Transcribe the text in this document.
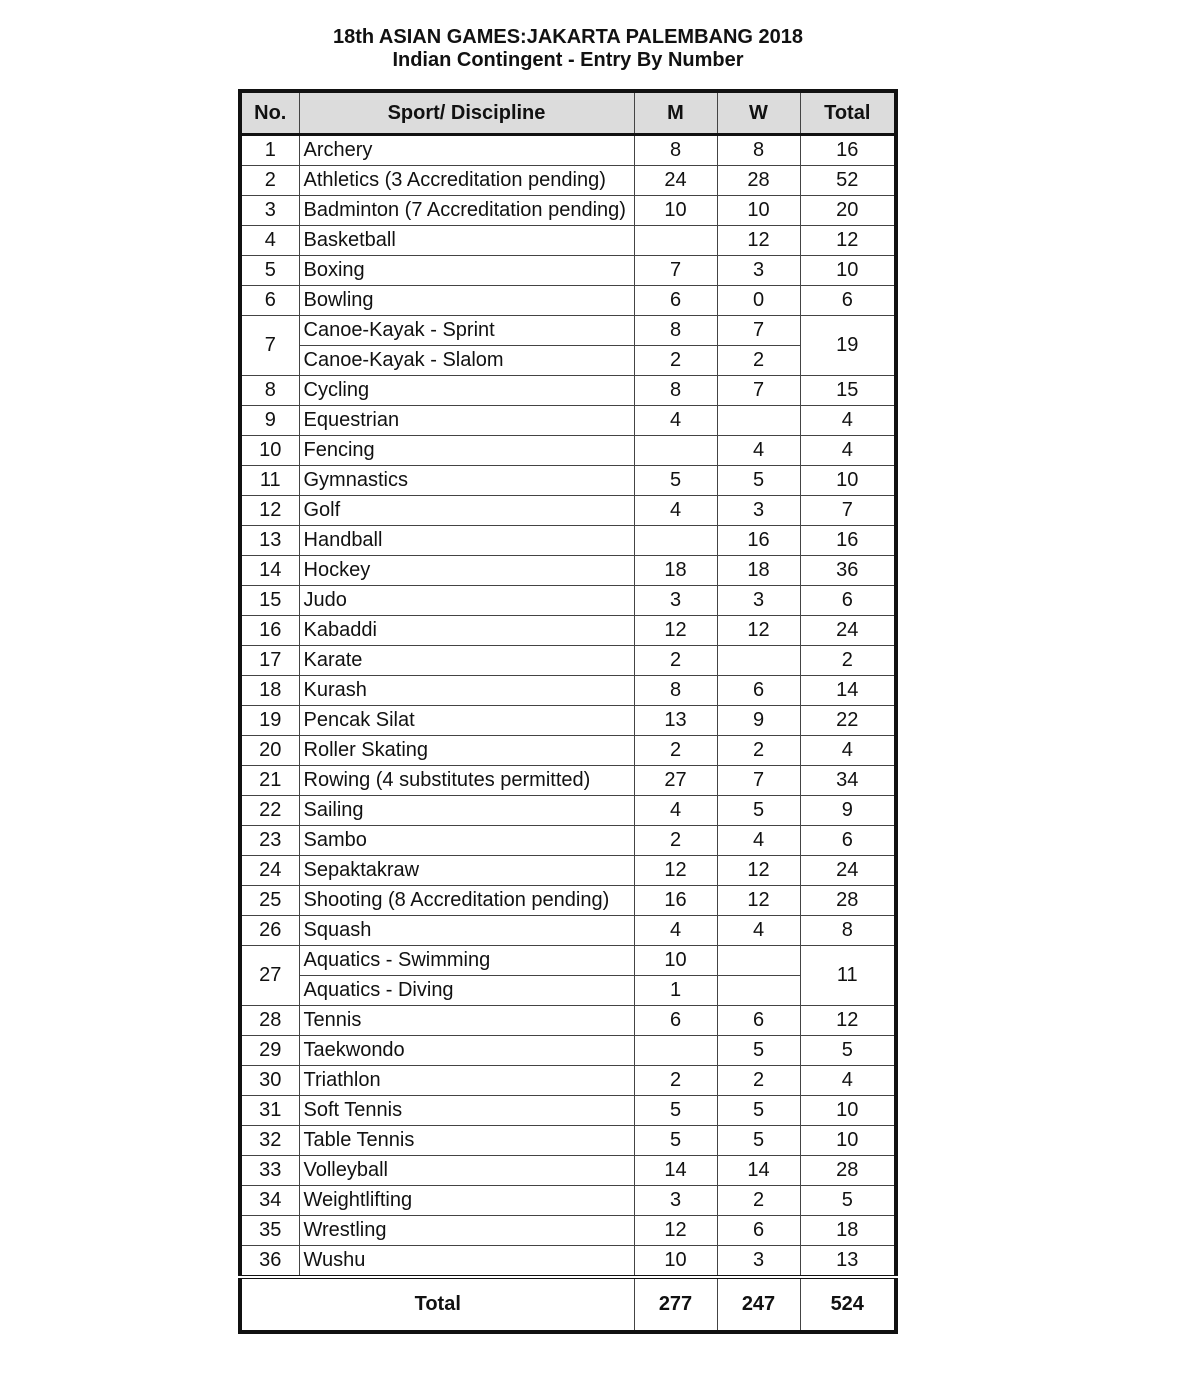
18th ASIAN GAMES:JAKARTA PALEMBANG 2018
Indian Contingent - Entry By Number
No.	Sport/ Discipline	M	W	Total
1	Archery	8	8	16
2	Athletics (3 Accreditation pending)	24	28	52
3	Badminton (7 Accreditation pending)	10	10	20
4	Basketball		12	12
5	Boxing	7	3	10
6	Bowling	6	0	6
7	Canoe-Kayak - Sprint	8	7	19
	Canoe-Kayak - Slalom	2	2	
8	Cycling	8	7	15
9	Equestrian	4		4
10	Fencing		4	4
11	Gymnastics	5	5	10
12	Golf	4	3	7
13	Handball		16	16
14	Hockey	18	18	36
15	Judo	3	3	6
16	Kabaddi	12	12	24
17	Karate	2		2
18	Kurash	8	6	14
19	Pencak Silat	13	9	22
20	Roller Skating	2	2	4
21	Rowing (4 substitutes permitted)	27	7	34
22	Sailing	4	5	9
23	Sambo	2	4	6
24	Sepaktakraw	12	12	24
25	Shooting (8 Accreditation pending)	16	12	28
26	Squash	4	4	8
27	Aquatics - Swimming	10		11
	Aquatics - Diving	1		
28	Tennis	6	6	12
29	Taekwondo		5	5
30	Triathlon	2	2	4
31	Soft Tennis	5	5	10
32	Table Tennis	5	5	10
33	Volleyball	14	14	28
34	Weightlifting	3	2	5
35	Wrestling	12	6	18
36	Wushu	10	3	13
Total		277	247	524
